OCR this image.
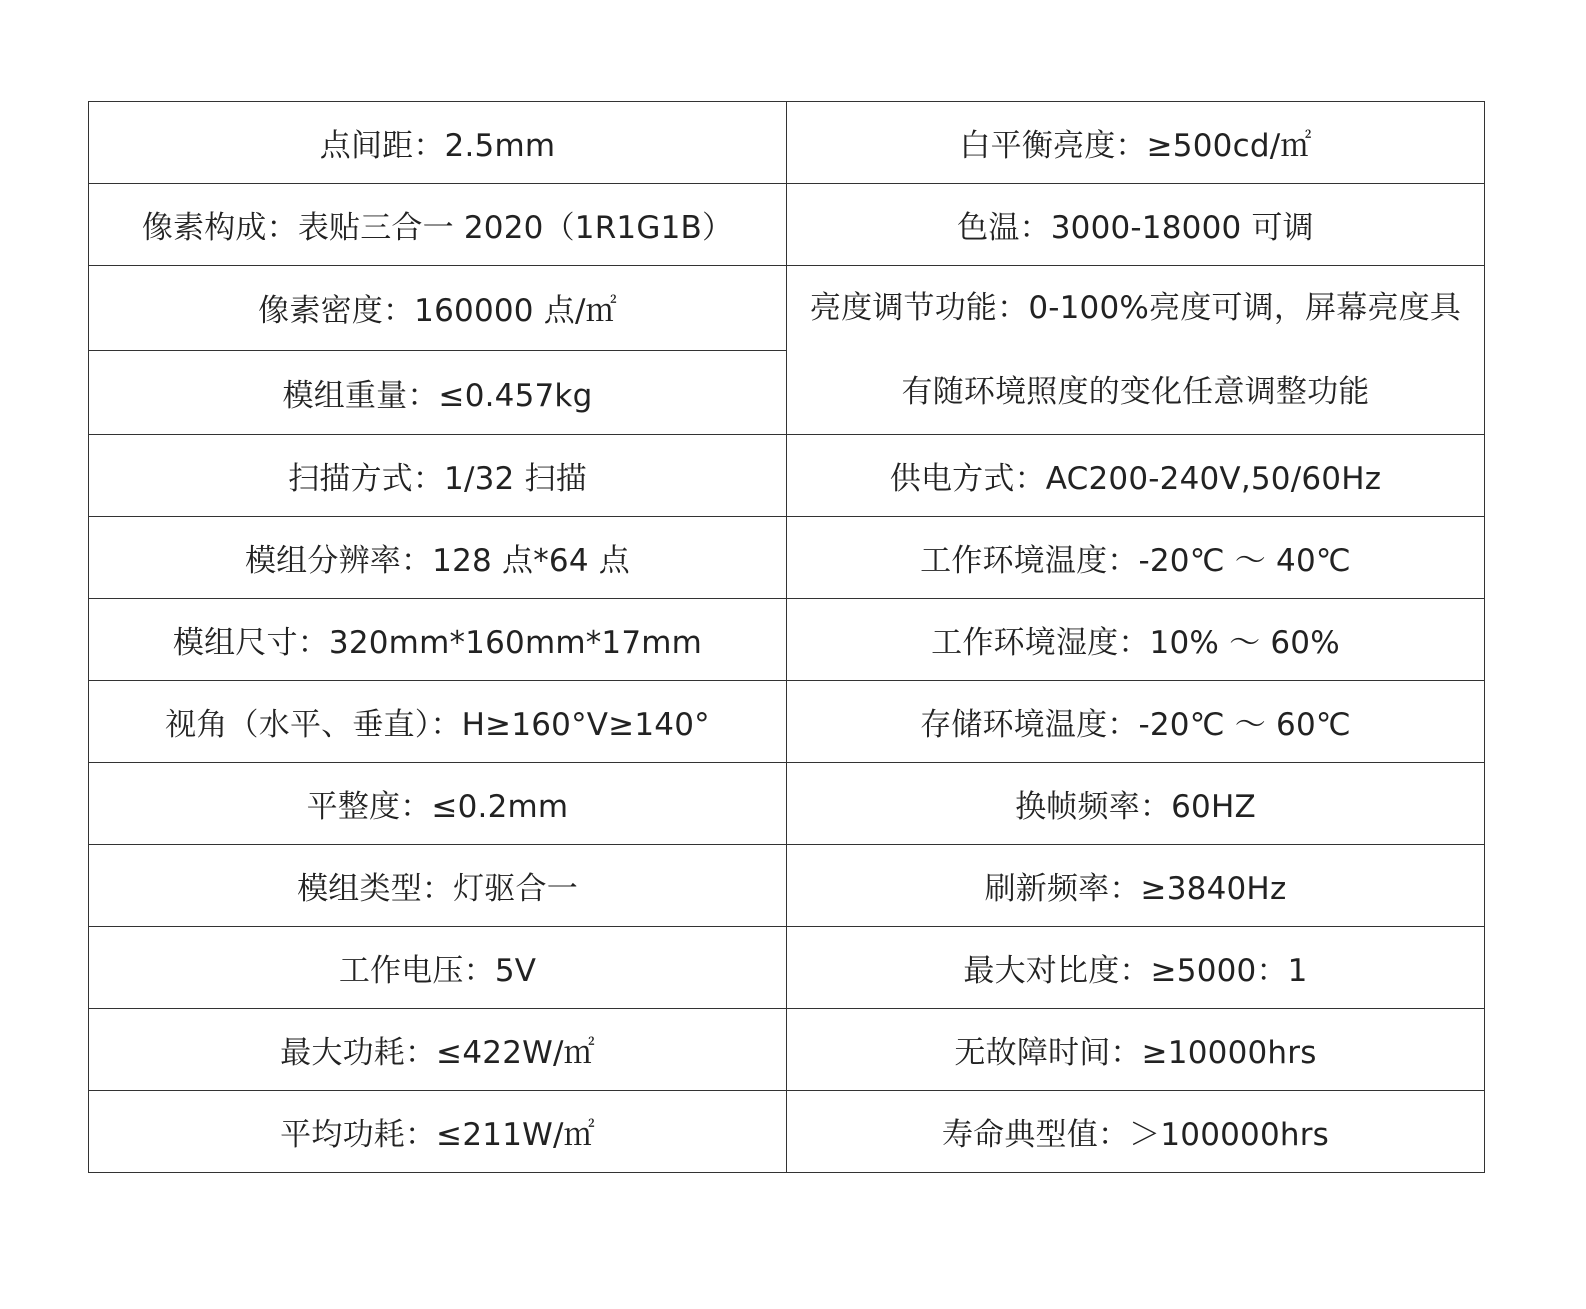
点间距：2.5mm	白平衡亮度：≥500cd/㎡
像素构成：表贴三合一 2020（1R1G1B）	色温：3000-18000 可调
像素密度：160000 点/㎡	亮度调节功能：0-100%亮度可调，屏幕亮度具有随环境照度的变化任意调整功能
模组重量：≤0.457kg	
扫描方式：1/32 扫描	供电方式：AC200-240V,50/60Hz
模组分辨率：128 点*64 点	工作环境温度：-20℃ ～ 40℃
模组尺寸：320mm*160mm*17mm	工作环境湿度：10% ～ 60%
视角（水平、垂直）：H≥160°V≥140°	存储环境温度：-20℃ ～ 60℃
平整度：≤0.2mm	换帧频率：60HZ
模组类型：灯驱合一	刷新频率：≥3840Hz
工作电压：5V	最大对比度：≥5000：1
最大功耗：≤422W/㎡	无故障时间：≥10000hrs
平均功耗：≤211W/㎡	寿命典型值：＞100000hrs
